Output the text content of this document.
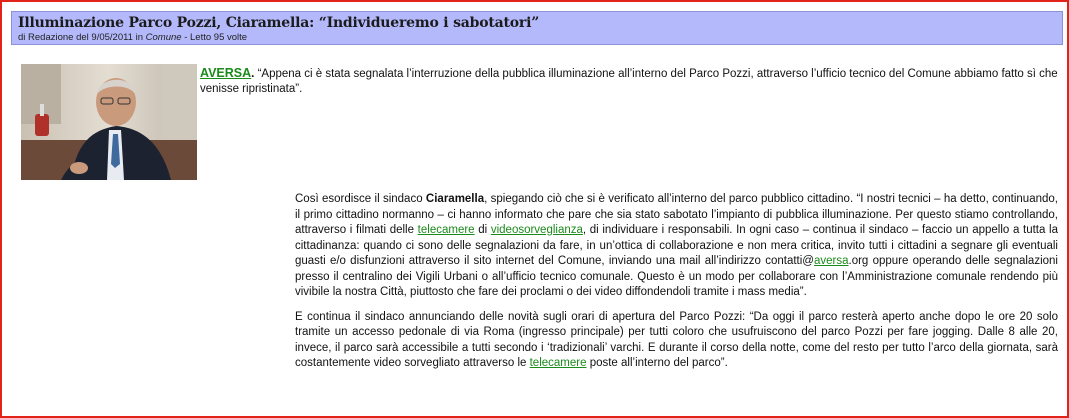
Illuminazione Parco Pozzi, Ciaramella: “Individueremo i sabotatori”
di Redazione del 9/05/2011 in Comune - Letto 95 volte
AVERSA. “Appena ci è stata segnalata l’interruzione della pubblica illuminazione all’interno del Parco Pozzi, attraverso l’ufficio tecnico del Comune abbiamo fatto sì che venisse ripristinata”.

Così esordisce il sindaco Ciaramella, spiegando ciò che si è verificato all’interno del parco pubblico cittadino. “I nostri tecnici – ha detto, continuando, il primo cittadino normanno – ci hanno informato che pare che sia stato sabotato l’impianto di pubblica illuminazione. Per questo stiamo controllando, attraverso i filmati delle telecamere di videosorveglianza, di individuare i responsabili. In ogni caso – continua il sindaco – faccio un appello a tutta la cittadinanza: quando ci sono delle segnalazioni da fare, in un’ottica di collaborazione e non mera critica, invito tutti i cittadini a segnare gli eventuali guasti e/o disfunzioni attraverso il sito internet del Comune, inviando una mail all’indirizzo contatti@aversa.org oppure operando delle segnalazioni presso il centralino dei Vigili Urbani o all’ufficio tecnico comunale. Questo è un modo per collaborare con l’Amministrazione comunale rendendo più vivibile la nostra Città, piuttosto che fare dei proclami o dei video diffondendoli tramite i mass media”.

E continua il sindaco annunciando delle novità sugli orari di apertura del Parco Pozzi: “Da oggi il parco resterà aperto anche dopo le ore 20 solo tramite un accesso pedonale di via Roma (ingresso principale) per tutti coloro che usufruiscono del parco Pozzi per fare jogging. Dalle 8 alle 20, invece, il parco sarà accessibile a tutti secondo i ‘tradizionali’ varchi. E durante il corso della notte, come del resto per tutto l’arco della giornata, sarà costantemente video sorvegliato attraverso le telecamere poste all’interno del parco”.
